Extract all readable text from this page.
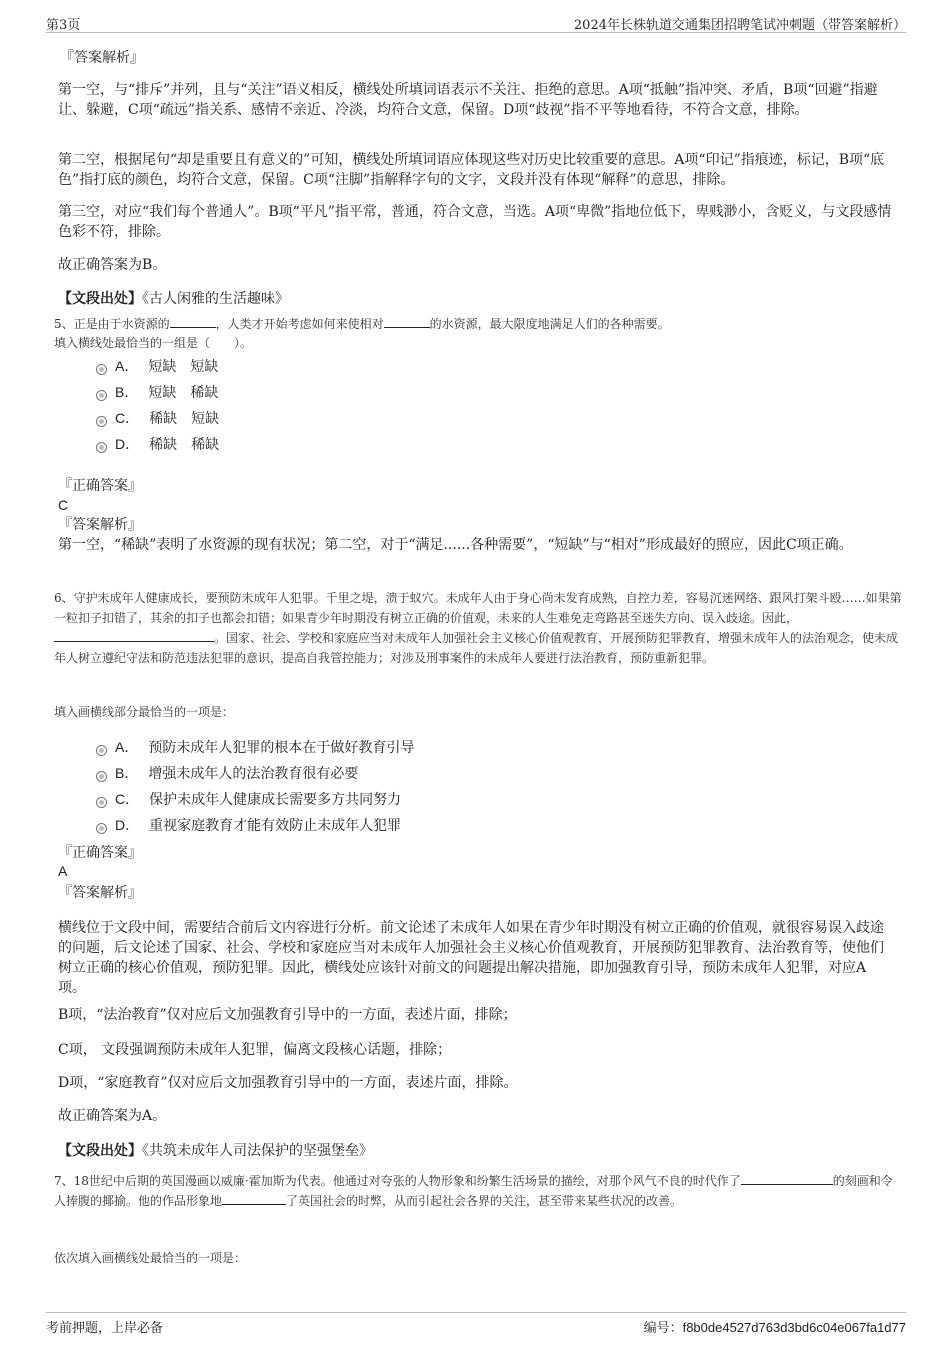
第3页	2024年长株轨道交通集团招聘笔试冲刺题（带答案解析）
『答案解析』

第一空，与“排斥”并列，且与“关注”语义相反，横线处所填词语表示不关注、拒绝的意思。A项“抵触”指冲突、矛盾，B项“回避”指避让、躲避，C项“疏远”指关系、感情不亲近、冷淡，均符合文意，保留。D项“歧视”指不平等地看待，不符合文意，排除。

第二空，根据尾句“却是重要且有意义的”可知，横线处所填词语应体现这些对历史比较重要的意思。A项“印记”指痕迹，标记，B项“底色”指打底的颜色，均符合文意，保留。C项“注脚”指解释字句的文字，文段并没有体现“解释”的意思，排除。

第三空，对应“我们每个普通人”。B项“平凡”指平常，普通，符合文意，当选。A项“卑微”指地位低下，卑贱渺小，含贬义，与文段感情色彩不符，排除。

故正确答案为B。

【文段出处】《古人闲雅的生活趣味》
5、正是由于水资源的	，人类才开始考虑如何来使相对	的水资源，最大限度地满足人们的各种需要。
填入横线处最恰当的一组是（　　）。
A． 短缺 短缺
B． 短缺 稀缺
C． 稀缺 短缺
D． 稀缺 稀缺
『正确答案』
C
『答案解析』

第一空，“稀缺”表明了水资源的现有状况；第二空，对于“满足......各种需要”，“短缺”与“相对”形成最好的照应，因此C项正确。

6、守护未成年人健康成长，要预防未成年人犯罪。千里之堤，溃于蚁穴。未成年人由于身心尚未发育成熟，自控力差，容易沉迷网络、跟风打架斗殴……如果第一粒扣子扣错了，其余的扣子也都会扣错；如果青少年时期没有树立正确的价值观，未来的人生难免走弯路甚至迷失方向、误入歧途。因此，。国家、社会、学校和家庭应当对未成年人加强社会主义核心价值观教育，开展预防犯罪教育，增强未成年人的法治观念，使未成年人树立遵纪守法和防范违法犯罪的意识，提高自我管控能力；对涉及刑事案件的未成年人要进行法治教育，预防重新犯罪。
填入画横线部分最恰当的一项是：
A． 预防未成年人犯罪的根本在于做好教育引导
B． 增强未成年人的法治教育很有必要
C． 保护未成年人健康成长需要多方共同努力
D． 重视家庭教育才能有效防止未成年人犯罪
『正确答案』
A
『答案解析』

横线位于文段中间，需要结合前后文内容进行分析。前文论述了未成年人如果在青少年时期没有树立正确的价值观，就很容易误入歧途的问题，后文论述了国家、社会、学校和家庭应当对未成年人加强社会主义核心价值观教育，开展预防犯罪教育、法治教育等，使他们树立正确的核心价值观，预防犯罪。因此，横线处应该针对前文的问题提出解决措施，即加强教育引导，预防未成年人犯罪，对应A项。

B项，“法治教育”仅对应后文加强教育引导中的一方面，表述片面，排除；

C项， 文段强调预防未成年人犯罪，偏离文段核心话题，排除；

D项，“家庭教育”仅对应后文加强教育引导中的一方面，表述片面，排除。

故正确答案为A。

【文段出处】《共筑未成年人司法保护的坚强堡垒》
7、18世纪中后期的英国漫画以威廉·霍加斯为代表。他通过对夸张的人物形象和纷繁生活场景的描绘，对那个风气不良的时代作了	的刻画和令人捧腹的揶揄。他的作品形象地	了英国社会的时弊，从而引起社会各界的关注，甚至带来某些状况的改善。
依次填入画横线处最恰当的一项是：
考前押题，上岸必备	编号：f8b0de4527d763d3bd6c04e067fa1d77
